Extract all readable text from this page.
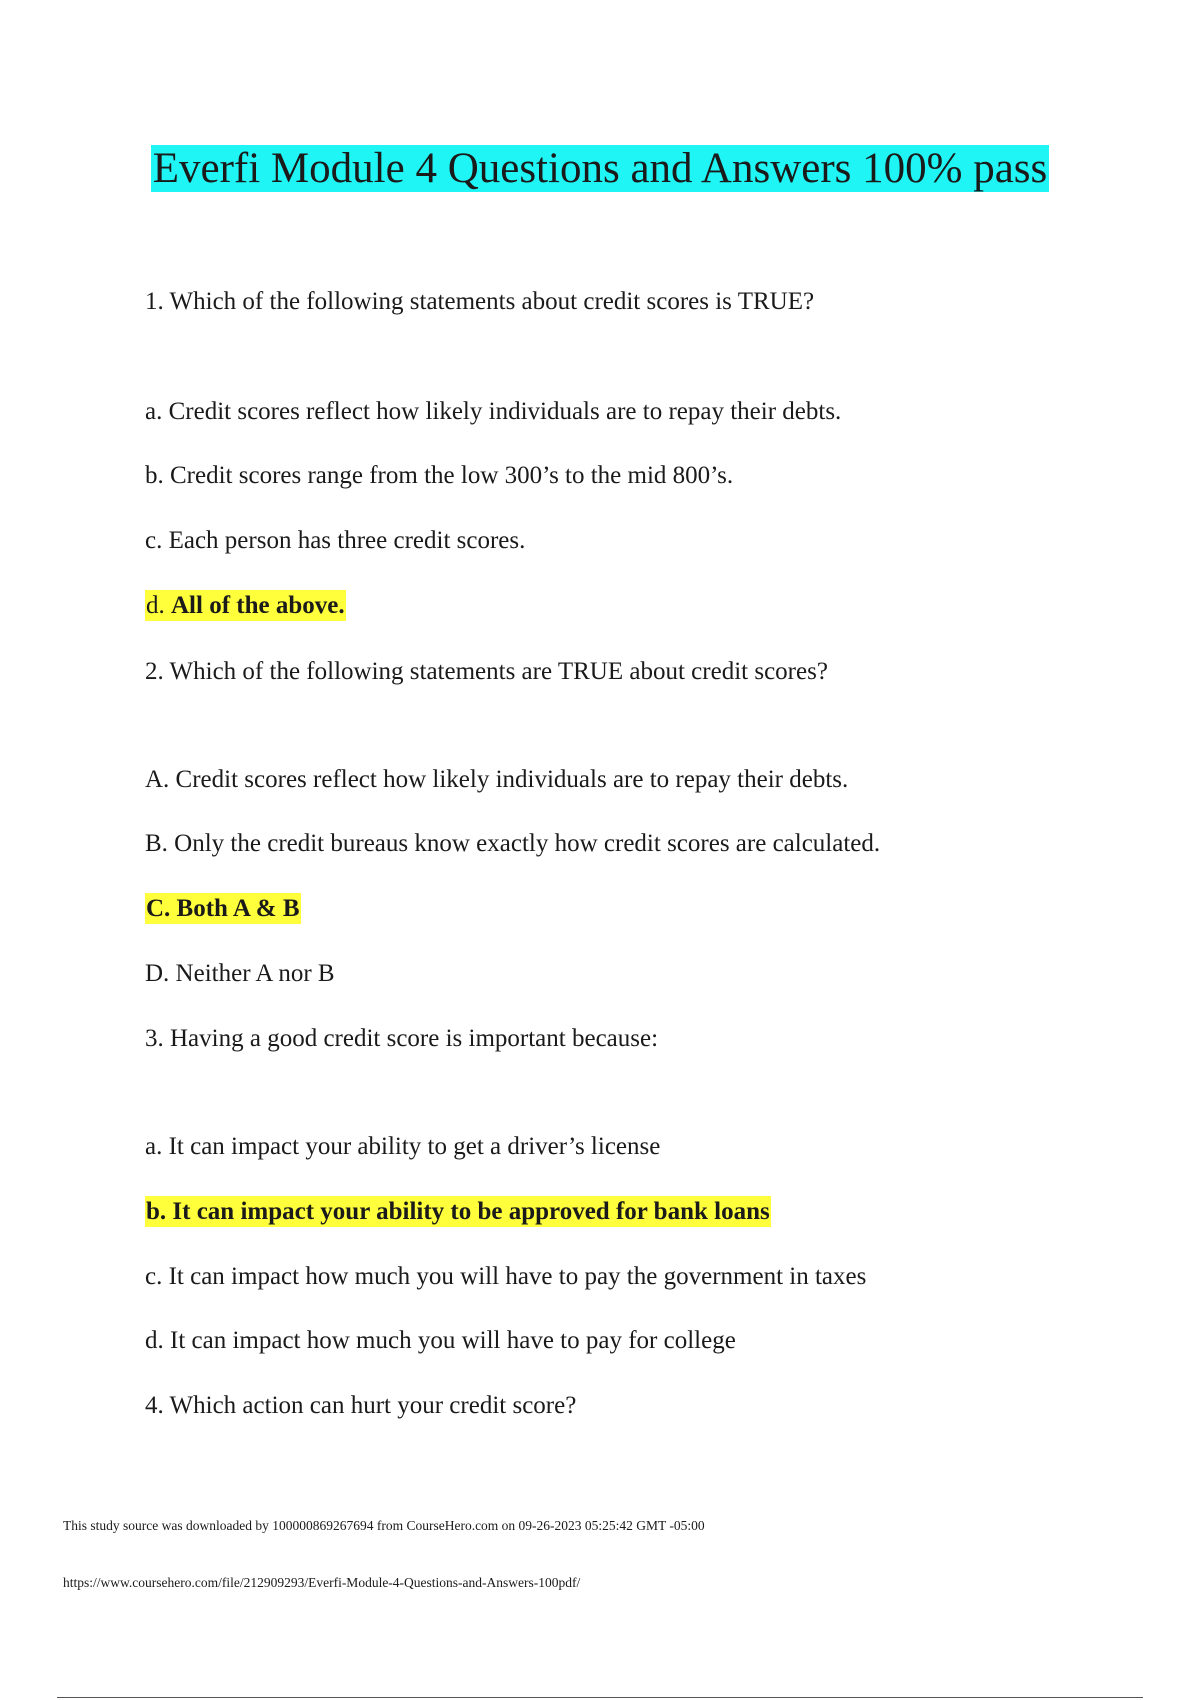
Everfi Module 4 Questions and Answers 100% pass
1. Which of the following statements about credit scores is TRUE?
a. Credit scores reflect how likely individuals are to repay their debts.
b. Credit scores range from the low 300’s to the mid 800’s.
c. Each person has three credit scores.
d. All of the above.
2. Which of the following statements are TRUE about credit scores?
A. Credit scores reflect how likely individuals are to repay their debts.
B. Only the credit bureaus know exactly how credit scores are calculated.
C. Both A & B
D. Neither A nor B
3. Having a good credit score is important because:
a. It can impact your ability to get a driver’s license
b. It can impact your ability to be approved for bank loans
c. It can impact how much you will have to pay the government in taxes
d. It can impact how much you will have to pay for college
4. Which action can hurt your credit score?
This study source was downloaded by 100000869267694 from CourseHero.com on 09-26-2023 05:25:42 GMT -05:00
https://www.coursehero.com/file/212909293/Everfi-Module-4-Questions-and-Answers-100pdf/
